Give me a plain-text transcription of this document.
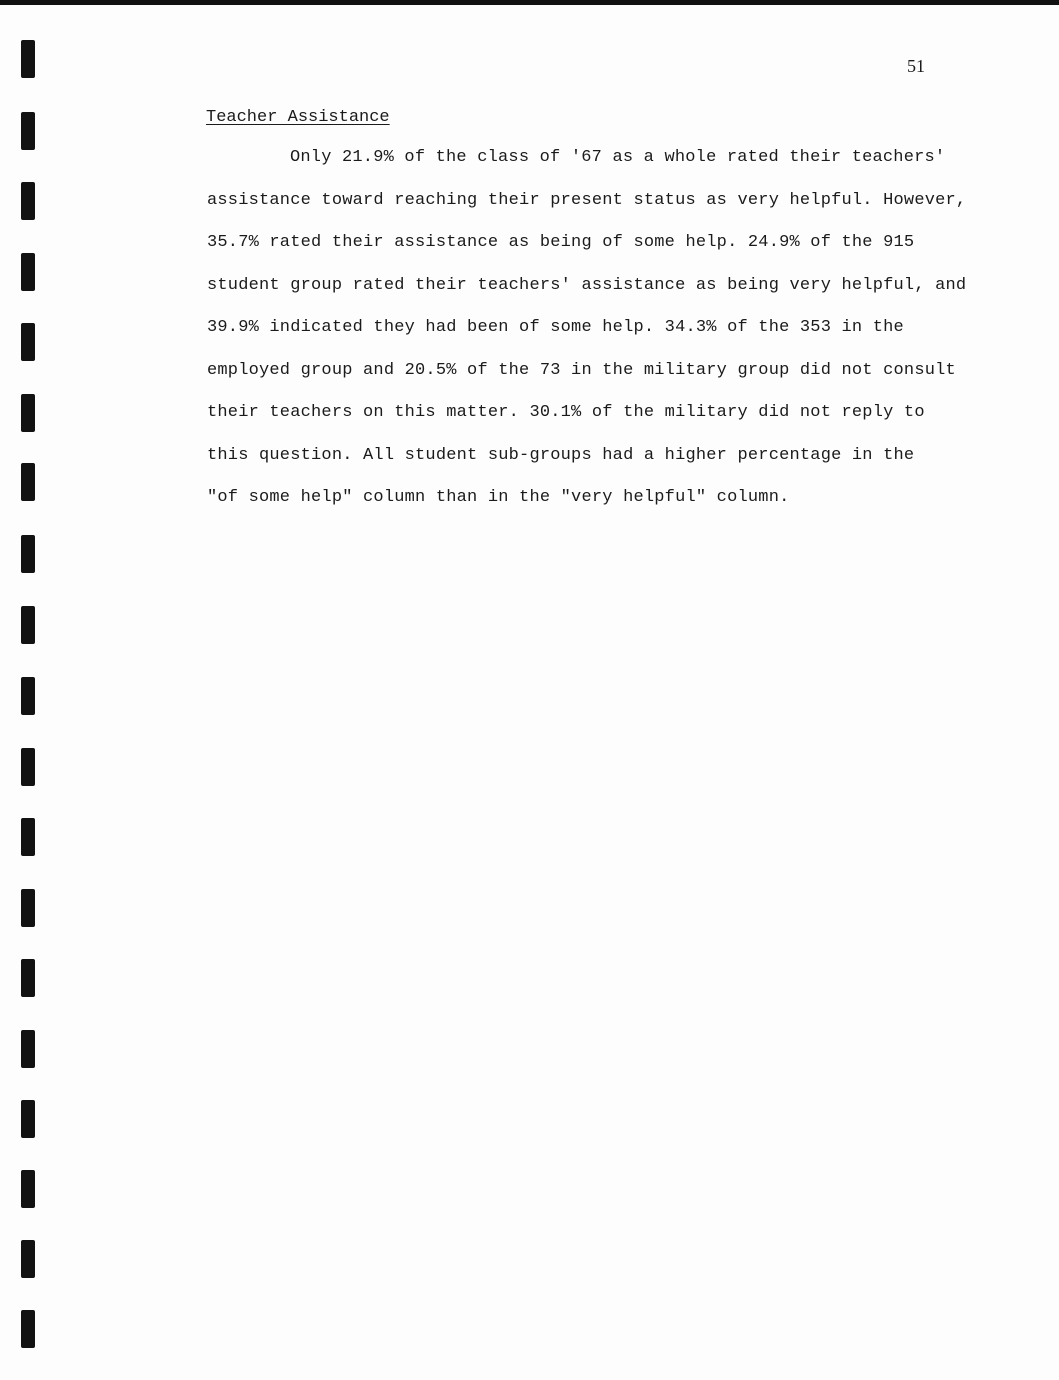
51
Teacher Assistance
Only 21.9% of the class of '67 as a whole rated their teachers'
assistance toward reaching their present status as very helpful. However,
35.7% rated their assistance as being of some help. 24.9% of the 915
student group rated their teachers' assistance as being very helpful, and
39.9% indicated they had been of some help. 34.3% of the 353 in the
employed group and 20.5% of the 73 in the military group did not consult
their teachers on this matter. 30.1% of the military did not reply to
this question. All student sub-groups had a higher percentage in the
"of some help" column than in the "very helpful" column.
